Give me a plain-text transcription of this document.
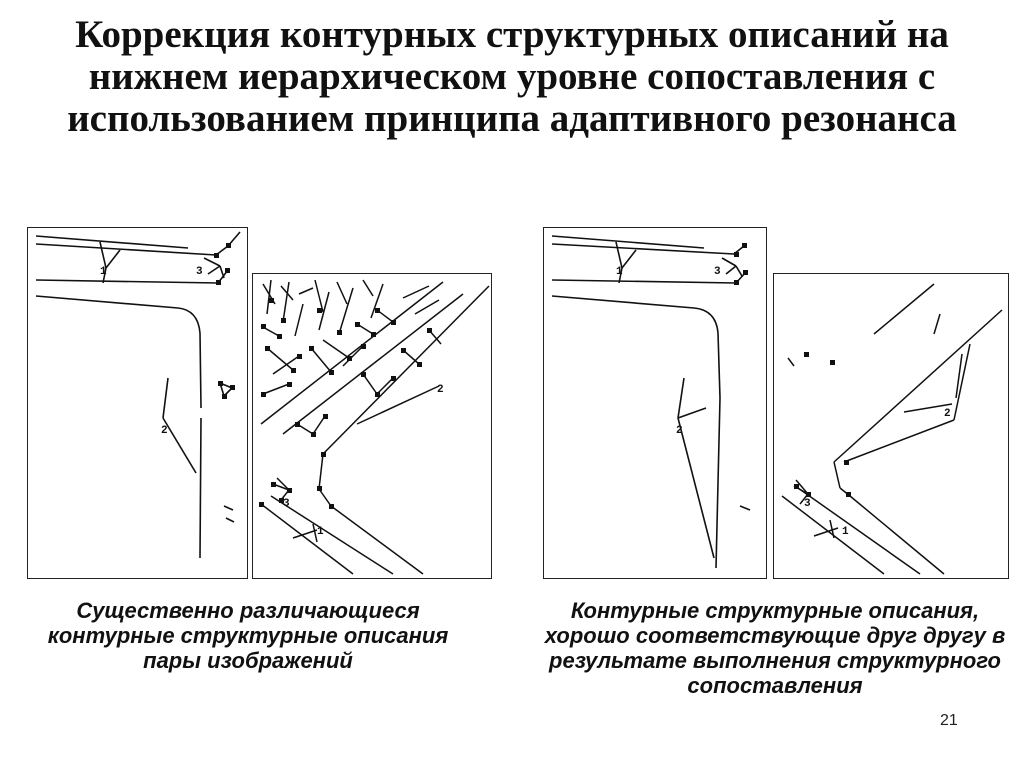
Коррекция контурных структурных описаний на нижнем иерархическом уровне сопоставления с использованием принципа адаптивного резонанса
1	3
2
2
3
1
1	3
2
2
3
1
Существенно различающиеся контурные структурные описания пары изображений
Контурные структурные описания, хорошо соответствующие друг другу в результате выполнения структурного сопоставления
21
